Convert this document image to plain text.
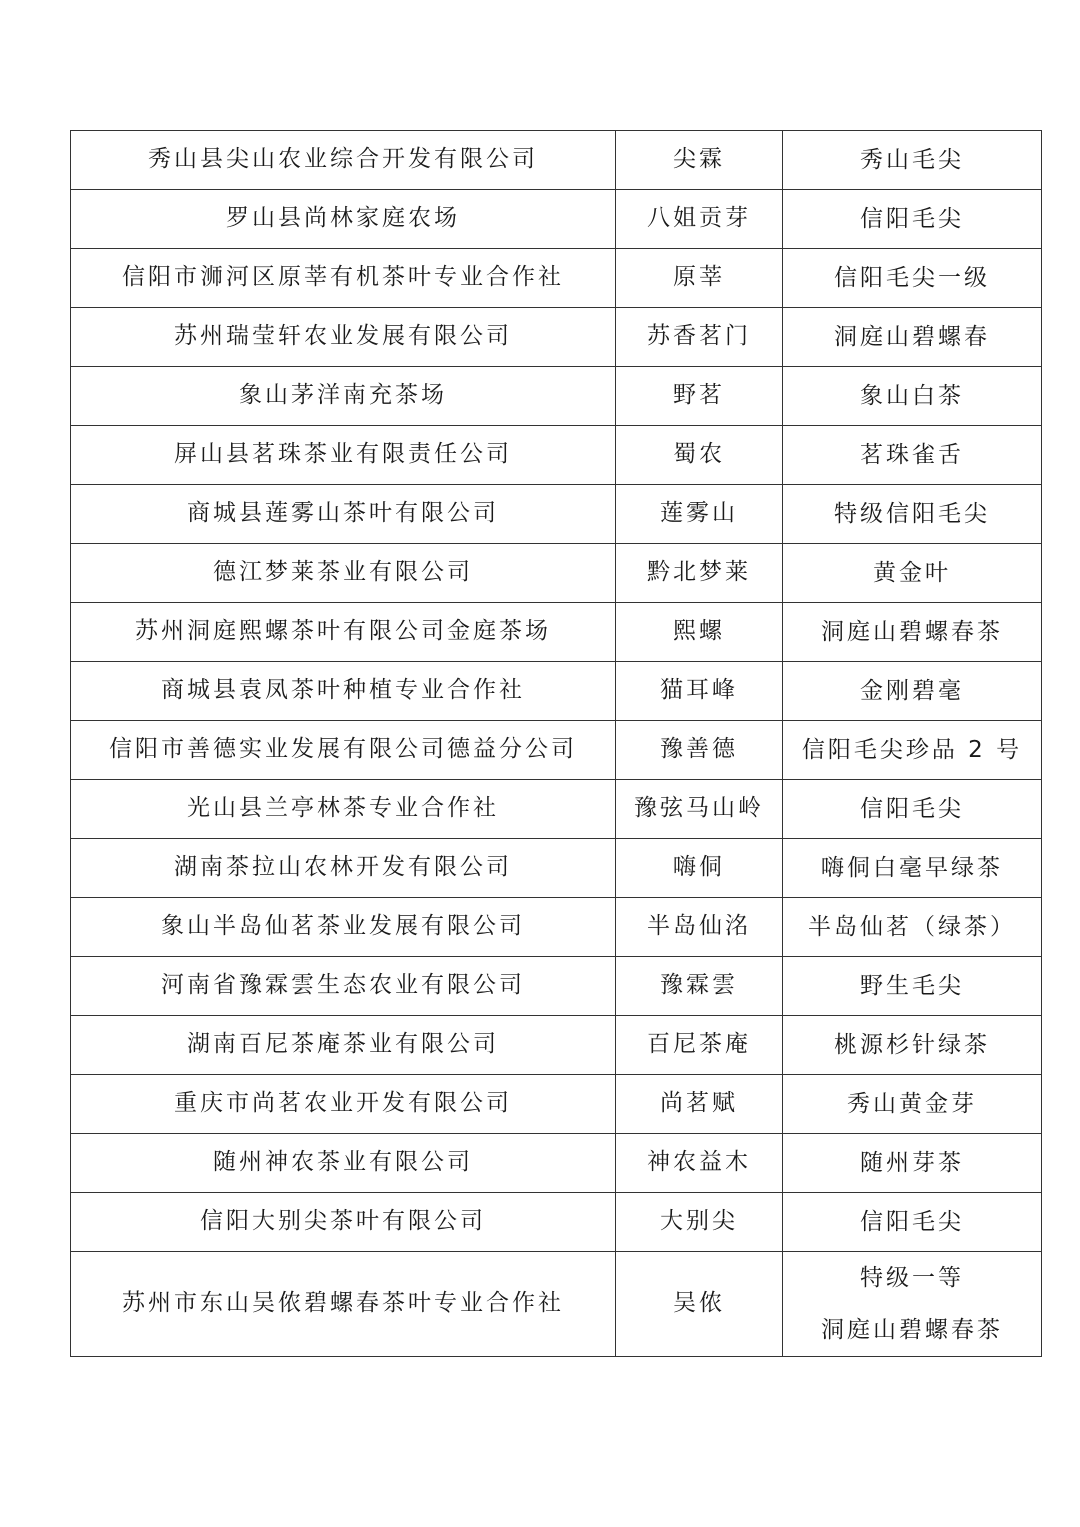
秀山县尖山农业综合开发有限公司	尖霖	秀山毛尖

罗山县尚林家庭农场	八姐贡芽	信阳毛尖

信阳市浉河区原莘有机茶叶专业合作社	原莘	信阳毛尖一级

苏州瑞莹轩农业发展有限公司	苏香茗门	洞庭山碧螺春

象山茅洋南充茶场	野茗	象山白茶

屏山县茗珠茶业有限责任公司	蜀农	茗珠雀舌

商城县莲雾山茶叶有限公司	莲雾山	特级信阳毛尖

德江梦莱茶业有限公司	黔北梦莱	黄金叶

苏州洞庭熙螺茶叶有限公司金庭茶场	熙螺	洞庭山碧螺春茶

商城县袁凤茶叶种植专业合作社	猫耳峰	金刚碧毫

信阳市善德实业发展有限公司德益分公司	豫善德	信阳毛尖珍品 2 号

光山县兰亭林茶专业合作社	豫弦马山岭	信阳毛尖

湖南茶拉山农林开发有限公司	嗨侗	嗨侗白毫早绿茶

象山半岛仙茗茶业发展有限公司	半岛仙洺	半岛仙茗（绿茶）

河南省豫霖雲生态农业有限公司	豫霖雲	野生毛尖

湖南百尼茶庵茶业有限公司	百尼茶庵	桃源杉针绿茶

重庆市尚茗农业开发有限公司	尚茗赋	秀山黄金芽

随州神农茶业有限公司	神农益木	随州芽茶

信阳大别尖茶叶有限公司	大别尖	信阳毛尖

苏州市东山吴侬碧螺春茶叶专业合作社	吴侬	特级一等
洞庭山碧螺春茶
